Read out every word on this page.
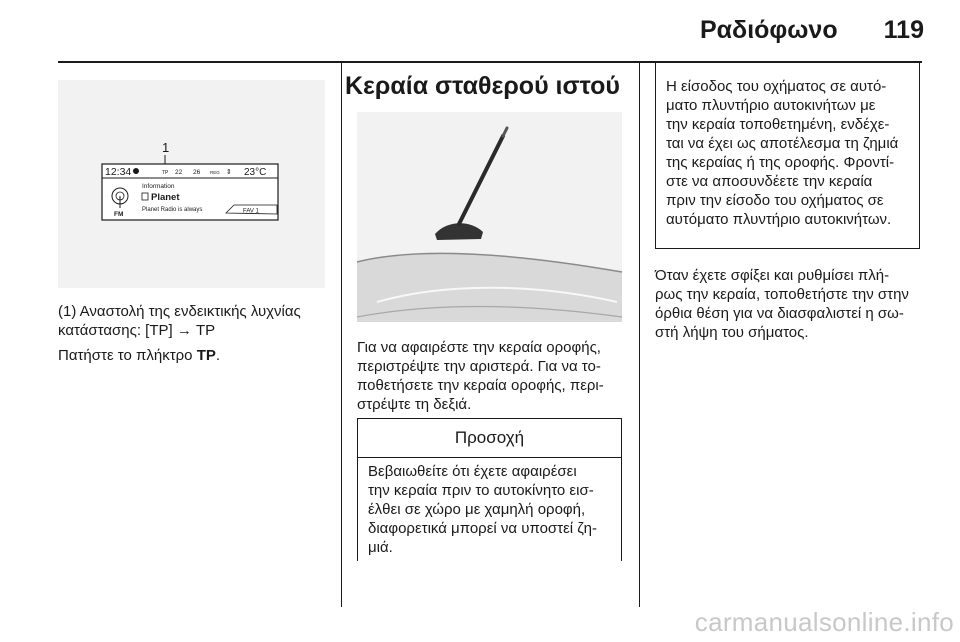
Ραδιόφωνο 119
1
12:34	TP 22 26 REG ⇕ 23°C
FM
Information
Planet
Planet Radio is always	FAV 1

(1) Αναστολή της ενδεικτικής λυχνίας
κατάστασης: [TP] → TP

Πατήστε το πλήκτρο TP.

Κεραία σταθερού ιστού

Για να αφαιρέστε την κεραία οροφής,
περιστρέψτε την αριστερά. Για να το-
ποθετήσετε την κεραία οροφής, περι-
στρέψτε τη δεξιά.

Προσοχή

Βεβαιωθείτε ότι έχετε αφαιρέσει
την κεραία πριν το αυτοκίνητο εισ-
έλθει σε χώρο με χαμηλή οροφή,
διαφορετικά μπορεί να υποστεί ζη-
μιά.

Η είσοδος του οχήματος σε αυτό-
ματο πλυντήριο αυτοκινήτων με
την κεραία τοποθετημένη, ενδέχε-
ται να έχει ως αποτέλεσμα τη ζημιά
της κεραίας ή της οροφής. Φροντί-
στε να αποσυνδέετε την κεραία
πριν την είσοδο του οχήματος σε
αυτόματο πλυντήριο αυτοκινήτων.

Όταν έχετε σφίξει και ρυθμίσει πλή-
ρως την κεραία, τοποθετήστε την στην
όρθια θέση για να διασφαλιστεί η σω-
στή λήψη του σήματος.

carmanualsonline.info
